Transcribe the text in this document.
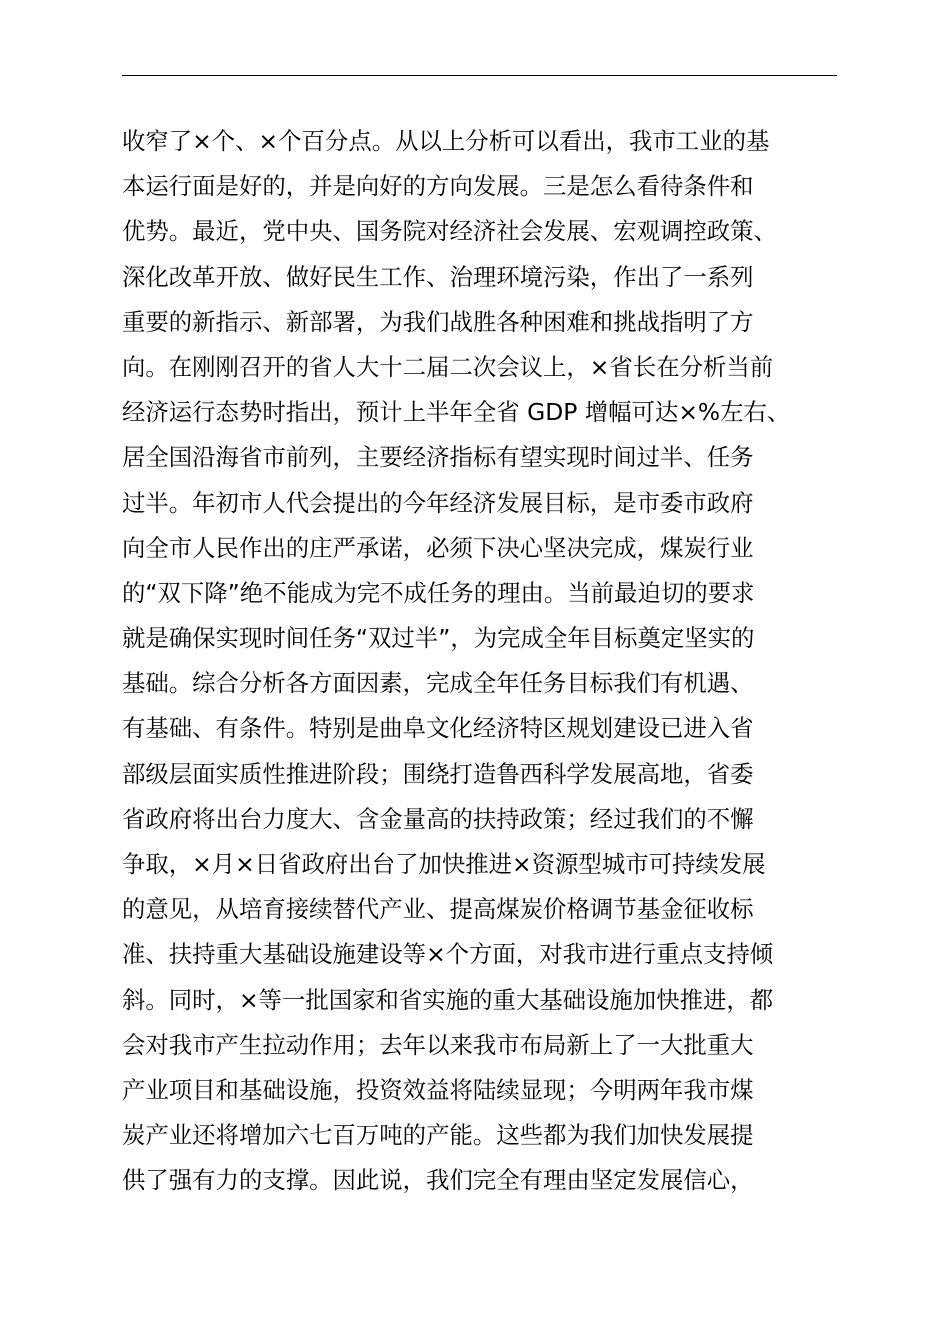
收窄了×个、×个百分点。从以上分析可以看出，我市工业的基
本运行面是好的，并是向好的方向发展。三是怎么看待条件和
优势。最近，党中央、国务院对经济社会发展、宏观调控政策、
深化改革开放、做好民生工作、治理环境污染，作出了一系列
重要的新指示、新部署，为我们战胜各种困难和挑战指明了方
向。在刚刚召开的省人大十二届二次会议上，×省长在分析当前
经济运行态势时指出，预计上半年全省 GDP 增幅可达×%左右、
居全国沿海省市前列，主要经济指标有望实现时间过半、任务
过半。年初市人代会提出的今年经济发展目标，是市委市政府
向全市人民作出的庄严承诺，必须下决心坚决完成，煤炭行业
的“双下降”绝不能成为完不成任务的理由。当前最迫切的要求
就是确保实现时间任务“双过半”，为完成全年目标奠定坚实的
基础。综合分析各方面因素，完成全年任务目标我们有机遇、
有基础、有条件。特别是曲阜文化经济特区规划建设已进入省
部级层面实质性推进阶段；围绕打造鲁西科学发展高地，省委
省政府将出台力度大、含金量高的扶持政策；经过我们的不懈
争取，×月×日省政府出台了加快推进×资源型城市可持续发展
的意见，从培育接续替代产业、提高煤炭价格调节基金征收标
准、扶持重大基础设施建设等×个方面，对我市进行重点支持倾
斜。同时，×等一批国家和省实施的重大基础设施加快推进，都
会对我市产生拉动作用；去年以来我市布局新上了一大批重大
产业项目和基础设施，投资效益将陆续显现；今明两年我市煤
炭产业还将增加六七百万吨的产能。这些都为我们加快发展提
供了强有力的支撑。因此说，我们完全有理由坚定发展信心，
